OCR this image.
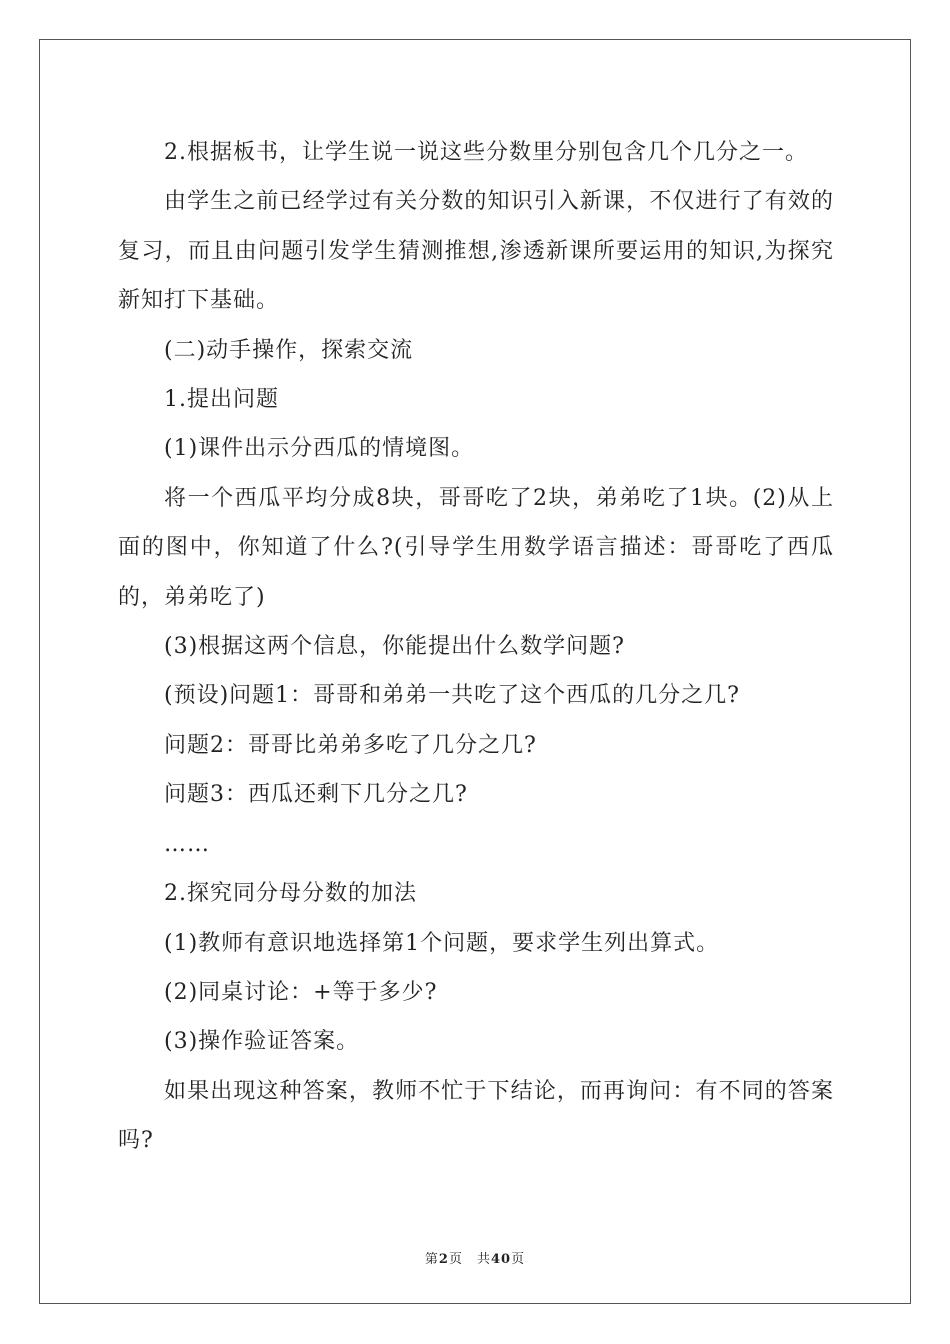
2.根据板书，让学生说一说这些分数里分别包含几个几分之一。

由学生之前已经学过有关分数的知识引入新课，不仅进行了有效的复习，而且由问题引发学生猜测推想,渗透新课所要运用的知识,为探究新知打下基础。

(二)动手操作，探索交流

1.提出问题

(1)课件出示分西瓜的情境图。

将一个西瓜平均分成8块，哥哥吃了2块，弟弟吃了1块。(2)从上面的图中，你知道了什么?(引导学生用数学语言描述：哥哥吃了西瓜的，弟弟吃了)

(3)根据这两个信息，你能提出什么数学问题?

(预设)问题1：哥哥和弟弟一共吃了这个西瓜的几分之几?

问题2：哥哥比弟弟多吃了几分之几?

问题3：西瓜还剩下几分之几?

……

2.探究同分母分数的加法

(1)教师有意识地选择第1个问题，要求学生列出算式。

(2)同桌讨论：+等于多少?

(3)操作验证答案。

如果出现这种答案，教师不忙于下结论，而再询问：有不同的答案吗?

第2页 共40页
